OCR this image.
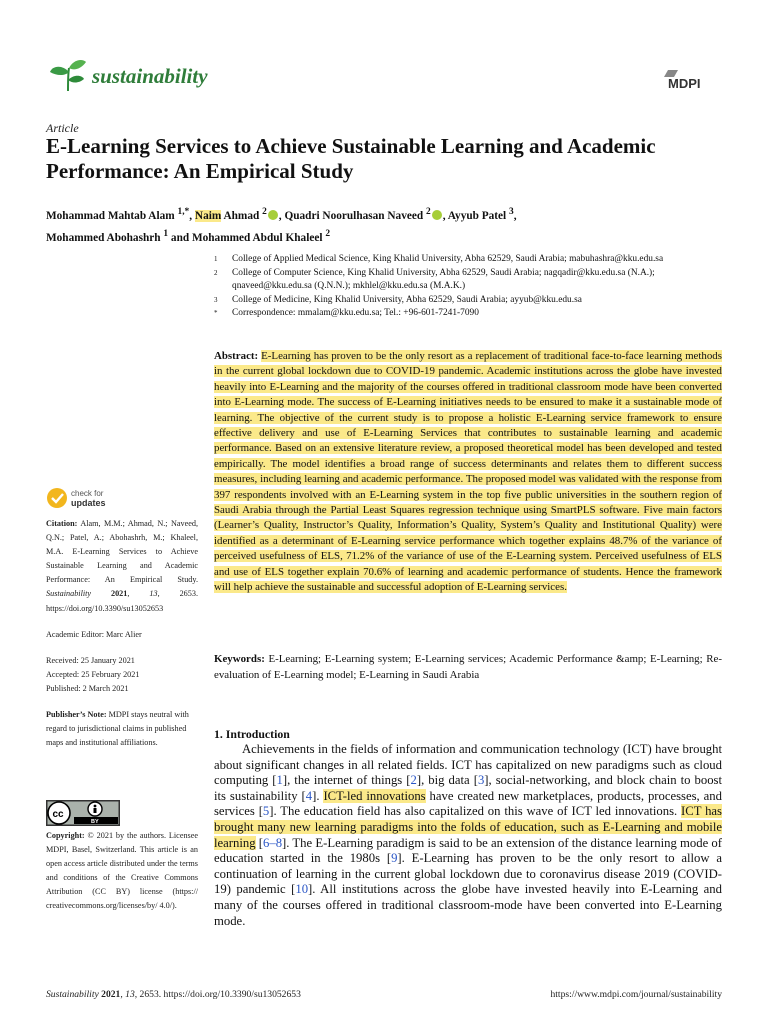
sustainability	MDPI
Article
E-Learning Services to Achieve Sustainable Learning and Academic Performance: An Empirical Study
Mohammad Mahtab Alam $^{1,*}$, Naim Ahmad $^2$ , Quadri Noorulhasan Naveed $^2$ , Ayyub Patel $^3$,
Mohammed Abohashrh $^1$ and Mohammed Abdul Khaleel $^2$
1 College of Applied Medical Science, King Khalid University, Abha 62529, Saudi Arabia; mabuhashra@kku.edu.sa
2 College of Computer Science, King Khalid University, Abha 62529, Saudi Arabia; nagqadir@kku.edu.sa (N.A.); qnaveed@kku.edu.sa (Q.N.N.); mkhlel@kku.edu.sa (M.A.K.)
3 College of Medicine, King Khalid University, Abha 62529, Saudi Arabia; ayyub@kku.edu.sa
* Correspondence: mmalam@kku.edu.sa; Tel.: +96-601-7241-7090
Abstract: E-Learning has proven to be the only resort as a replacement of traditional face-to-face learning methods in the current global lockdown due to COVID-19 pandemic. Academic institutions across the globe have invested heavily into E-Learning and the majority of the courses offered in traditional classroom mode have been converted into E-Learning mode. The success of E-Learning initiatives needs to be ensured to make it a sustainable mode of learning. The objective of the current study is to propose a holistic E-Learning service framework to ensure effective delivery and use of E-Learning Services that contributes to sustainable learning and academic performance. Based on an extensive literature review, a proposed theoretical model has been developed and tested empirically. The model identifies a broad range of success determinants and relates them to different success measures, including learning and academic performance. The proposed model was validated with the response from 397 respondents involved with an E-Learning system in the top five public universities in the southern region of Saudi Arabia through the Partial Least Squares regression technique using SmartPLS software. Five main factors (Learner’s Quality, Instructor’s Quality, Information’s Quality, System’s Quality and Institutional Quality) were identified as a determinant of E-Learning service performance which together explains 48.7% of the variance of perceived usefulness of ELS, 71.2% of the variance of use of the E-Learning system. Perceived usefulness of ELS and use of ELS together explain 70.6% of learning and academic performance of students. Hence the framework will help achieve the sustainable and successful adoption of E-Learning services.
Keywords: E-Learning; E-Learning system; E-Learning services; Academic Performance &amp; E-Learning; Re-evaluation of E-Learning model; E-Learning in Saudi Arabia
check for
updates

Citation: Alam, M.M.; Ahmad, N.; Naveed, Q.N.; Patel, A.; Abohashrh, M.; Khaleel, M.A. E-Learning Services to Achieve Sustainable Learning and Academic Performance: An Empirical Study. Sustainability 2021, 13, 2653. https://doi.org/10.3390/su13052653

Academic Editor: Marc Alier

Received: 25 January 2021

Accepted: 25 February 2021

Published: 2 March 2021

Publisher’s Note: MDPI stays neutral with regard to jurisdictional claims in published maps and institutional affiliations.

cc
BY
Copyright: © 2021 by the authors. Licensee MDPI, Basel, Switzerland. This article is an open access article distributed under the terms and conditions of the Creative Commons Attribution (CC BY) license (https:// creativecommons.org/licenses/by/ 4.0/).
1. Introduction
Achievements in the fields of information and communication technology (ICT) have brought about significant changes in all related fields. ICT has capitalized on new paradigms such as cloud computing [1], the internet of things [2], big data [3], social-networking, and block chain to boost its sustainability [4]. ICT-led innovations have created new marketplaces, products, processes, and services [5]. The education field has also capitalized on this wave of ICT led innovations. ICT has brought many new learning paradigms into the folds of education, such as E-Learning and mobile learning [6–8]. The E-Learning paradigm is said to be an extension of the distance learning mode of education started in the 1980s [9]. E-Learning has proven to be the only resort to allow a continuation of learning in the current global lockdown due to coronavirus disease 2019 (COVID-19) pandemic [10]. All institutions across the globe have invested heavily into E-Learning and many of the courses offered in traditional classroom-mode have been converted into E-Learning mode.
Sustainability 2021, 13, 2653. https://doi.org/10.3390/su13052653	https://www.mdpi.com/journal/sustainability
